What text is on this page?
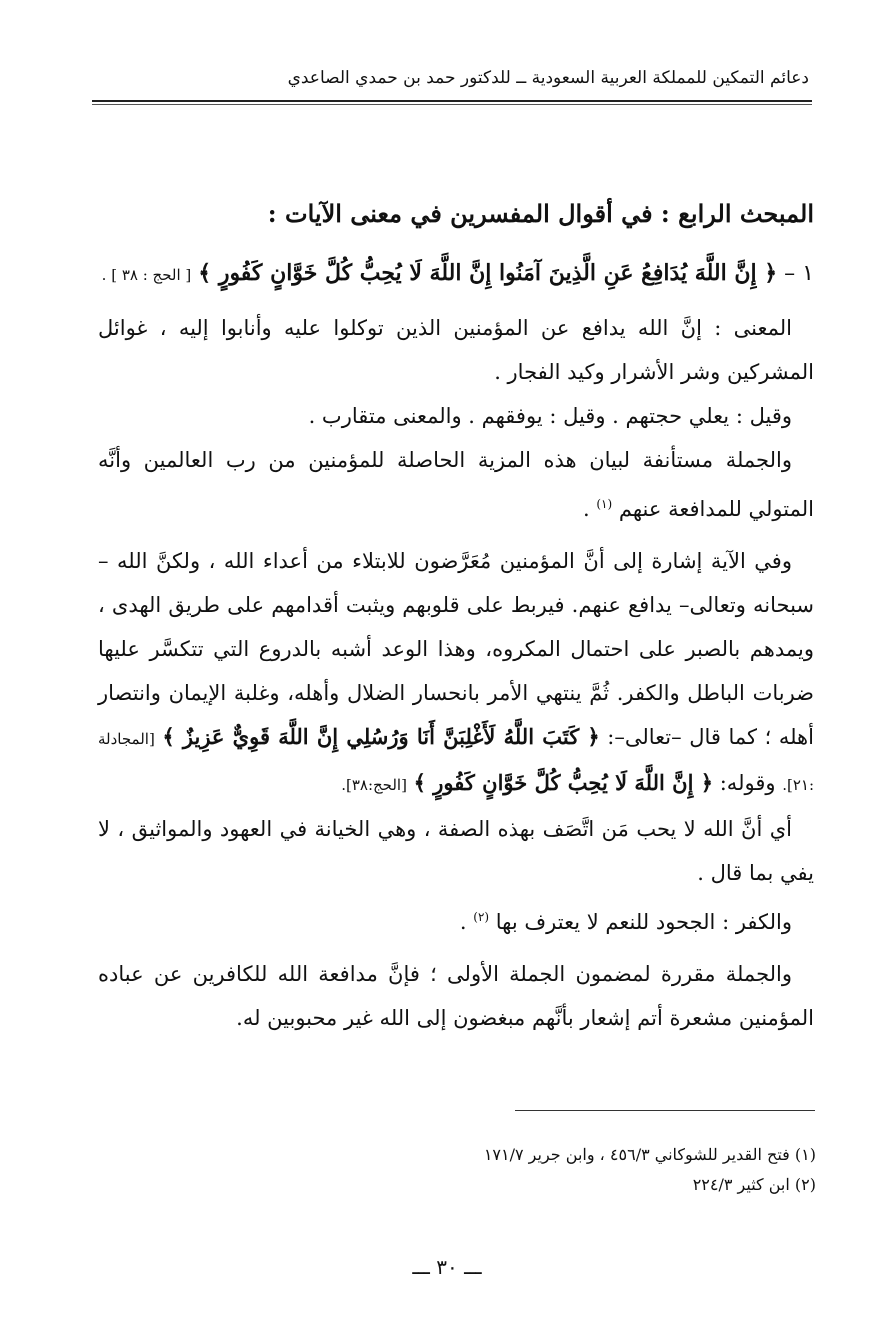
دعائم التمكين للمملكة العربية السعودية ــ للدكتور حمد بن حمدي الصاعدي
المبحث الرابع : في أقوال المفسرين في معنى الآيات :
١ – ﴿ إِنَّ اللَّهَ يُدَافِعُ عَنِ الَّذِينَ آمَنُوا إِنَّ اللَّهَ لَا يُحِبُّ كُلَّ خَوَّانٍ كَفُورٍ ﴾ [ الحج : ٣٨ ] .

المعنى : إنَّ الله يدافع عن المؤمنين الذين توكلوا عليه وأنابوا إليه ، غوائل المشركين وشر الأشرار وكيد الفجار .

وقيل : يعلي حجتهم . وقيل : يوفقهم . والمعنى متقارب .

والجملة مستأنفة لبيان هذه المزية الحاصلة للمؤمنين من رب العالمين وأنَّه المتولي للمدافعة عنهم $^{(١)}$ .

وفي الآية إشارة إلى أنَّ المؤمنين مُعَرَّضون للابتلاء من أعداء الله ، ولكنَّ الله –سبحانه وتعالى– يدافع عنهم. فيربط على قلوبهم ويثبت أقدامهم على طريق الهدى ، ويمدهم بالصبر على احتمال المكروه، وهذا الوعد أشبه بالدروع التي تتكسَّر عليها ضربات الباطل والكفر. ثُمَّ ينتهي الأمر بانحسار الضلال وأهله، وغلبة الإيمان وانتصار أهله ؛ كما قال –تعالى–: ﴿ كَتَبَ اللَّهُ لَأَغْلِبَنَّ أَنَا وَرُسُلِي إِنَّ اللَّهَ قَوِيٌّ عَزِيزٌ ﴾ [المجادلة :٢١]. وقوله: ﴿ إِنَّ اللَّهَ لَا يُحِبُّ كُلَّ خَوَّانٍ كَفُورٍ ﴾ [الحج:٣٨].

أي أنَّ الله لا يحب مَن اتَّصَف بهذه الصفة ، وهي الخيانة في العهود والمواثيق ، لا يفي بما قال .

والكفر : الجحود للنعم لا يعترف بها $^{(٢)}$ .

والجملة مقررة لمضمون الجملة الأولى ؛ فإنَّ مدافعة الله للكافرين عن عباده المؤمنين مشعرة أتم إشعار بأنَّهم مبغضون إلى الله غير محبوبين له.

(١) فتح القدير للشوكاني ٤٥٦/٣ ، وابن جرير ١٧١/٧

(٢) ابن كثير ٢٢٤/٣

ـــ ٣٠ ـــ
